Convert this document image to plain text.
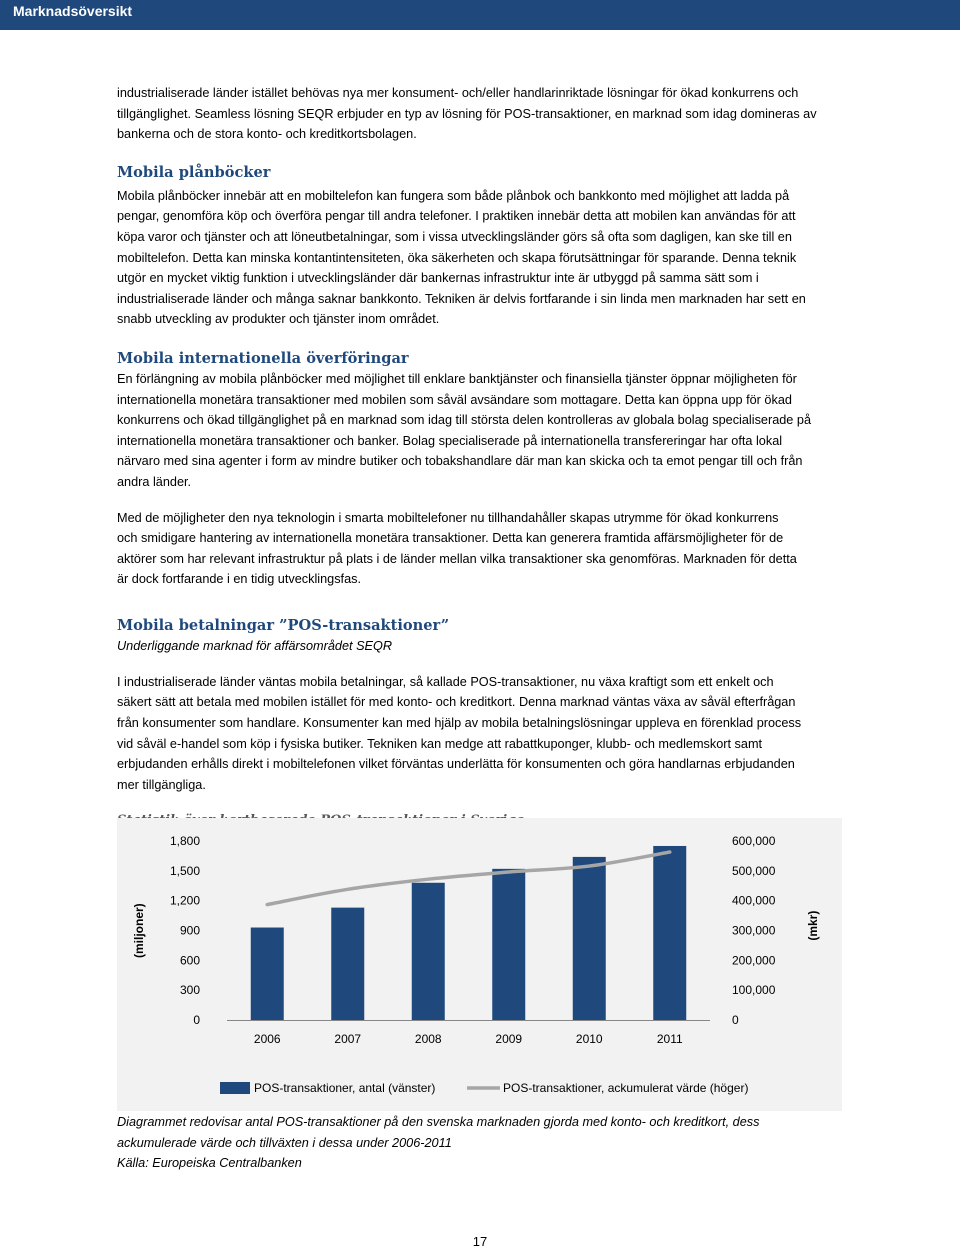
Marknadsöversikt

industrialiserade länder istället behövas nya mer konsument- och/eller handlarinriktade lösningar för ökad konkurrens och
tillgänglighet. Seamless lösning SEQR erbjuder en typ av lösning för POS-transaktioner, en marknad som idag domineras av
bankerna och de stora konto- och kreditkortsbolagen.

Mobila plånböcker

Mobila plånböcker innebär att en mobiltelefon kan fungera som både plånbok och bankkonto med möjlighet att ladda på
pengar, genomföra köp och överföra pengar till andra telefoner. I praktiken innebär detta att mobilen kan användas för att
köpa varor och tjänster och att löneutbetalningar, som i vissa utvecklingsländer görs så ofta som dagligen, kan ske till en
mobiltelefon. Detta kan minska kontantintensiteten, öka säkerheten och skapa förutsättningar för sparande. Denna teknik
utgör en mycket viktig funktion i utvecklingsländer där bankernas infrastruktur inte är utbyggd på samma sätt som i
industrialiserade länder och många saknar bankkonto. Tekniken är delvis fortfarande i sin linda men marknaden har sett en
snabb utveckling av produkter och tjänster inom området.

Mobila internationella överföringar

En förlängning av mobila plånböcker med möjlighet till enklare banktjänster och finansiella tjänster öppnar möjligheten för
internationella monetära transaktioner med mobilen som såväl avsändare som mottagare. Detta kan öppna upp för ökad
konkurrens och ökad tillgänglighet på en marknad som idag till största delen kontrolleras av globala bolag specialiserade på
internationella monetära transaktioner och banker. Bolag specialiserade på internationella transfereringar har ofta lokal
närvaro med sina agenter i form av mindre butiker och tobakshandlare där man kan skicka och ta emot pengar till och från
andra länder.

Med de möjligheter den nya teknologin i smarta mobiltelefoner nu tillhandahåller skapas utrymme för ökad konkurrens
och smidigare hantering av internationella monetära transaktioner. Detta kan generera framtida affärsmöjligheter för de
aktörer som har relevant infrastruktur på plats i de länder mellan vilka transaktioner ska genomföras. Marknaden för detta
är dock fortfarande i en tidig utvecklingsfas.

Mobila betalningar ”POS-transaktioner”

Underliggande marknad för affärsområdet SEQR

I industrialiserade länder väntas mobila betalningar, så kallade POS-transaktioner, nu växa kraftigt som ett enkelt och
säkert sätt att betala med mobilen istället för med konto- och kreditkort. Denna marknad väntas växa av såväl efterfrågan
från konsumenter som handlare. Konsumenter kan med hjälp av mobila betalningslösningar uppleva en förenklad process
vid såväl e-handel som köp i fysiska butiker. Tekniken kan medge att rabattkuponger, klubb- och medlemskort samt
erbjudanden erhålls direkt i mobiltelefonen vilket förväntas underlätta för konsumenten och göra handlarnas erbjudanden
mer tillgängliga.

0
300
600
900
1,200
1,500
1,800
0
100,000
200,000
300,000
400,000
500,000
600,000
(miljoner)	(mkr)
2006	2007	2008	2009	2010	2011
POS-transaktioner, antal (vänster)	POS-transaktioner, ackumulerat värde (höger)

Diagrammet redovisar antal POS-transaktioner på den svenska marknaden gjorda med konto- och kreditkort, dess
ackumulerade värde och tillväxten i dessa under 2006-2011
Källa: Europeiska Centralbanken

17
